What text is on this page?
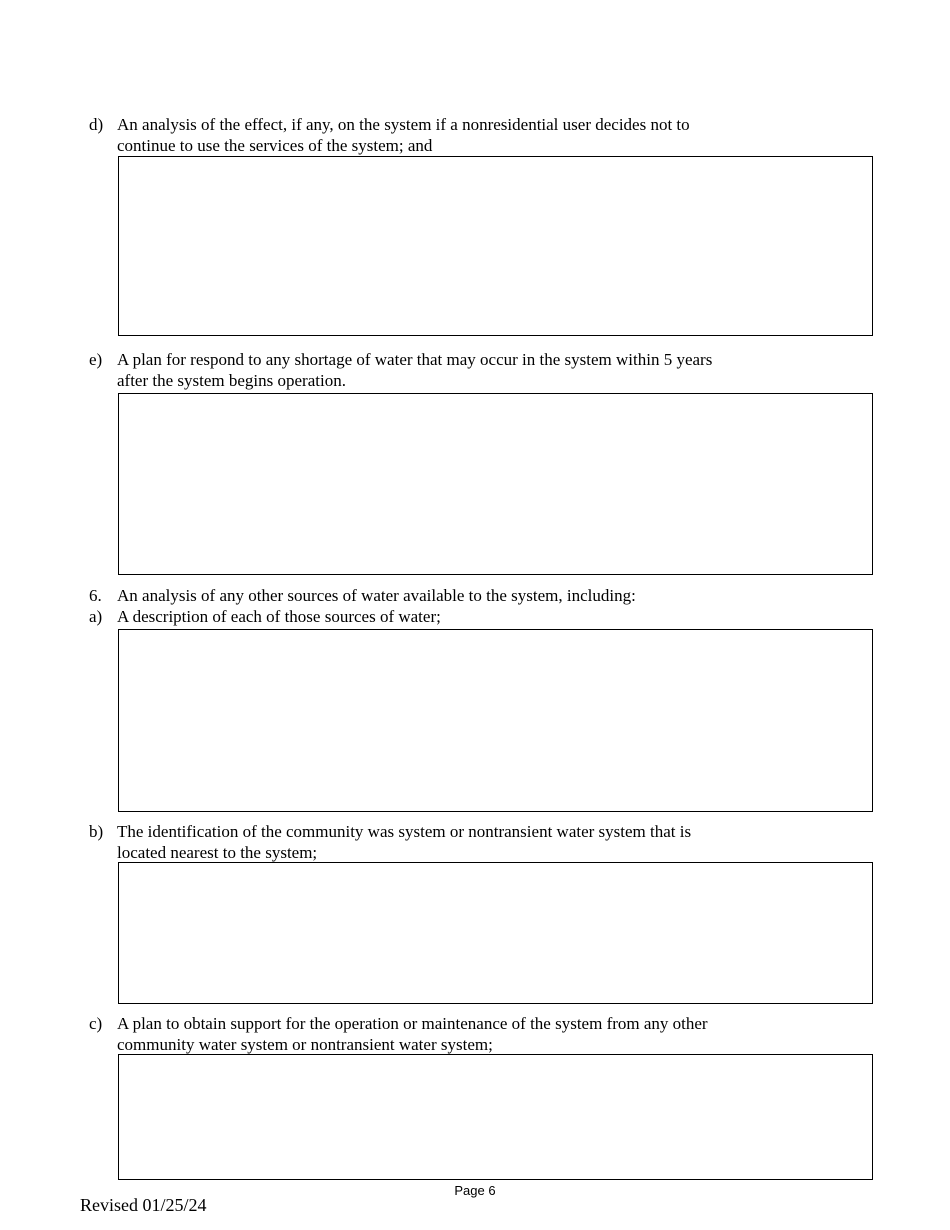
d) An analysis of the effect, if any, on the system if a nonresidential user decides not to
continue to use the services of the system; and
e) A plan for respond to any shortage of water that may occur in the system within 5 years
after the system begins operation.
6. An analysis of any other sources of water available to the system, including:
a) A description of each of those sources of water;
b) The identification of the community was system or nontransient water system that is
located nearest to the system;
c) A plan to obtain support for the operation or maintenance of the system from any other
community water system or nontransient water system;
Page 6
Revised 01/25/24
